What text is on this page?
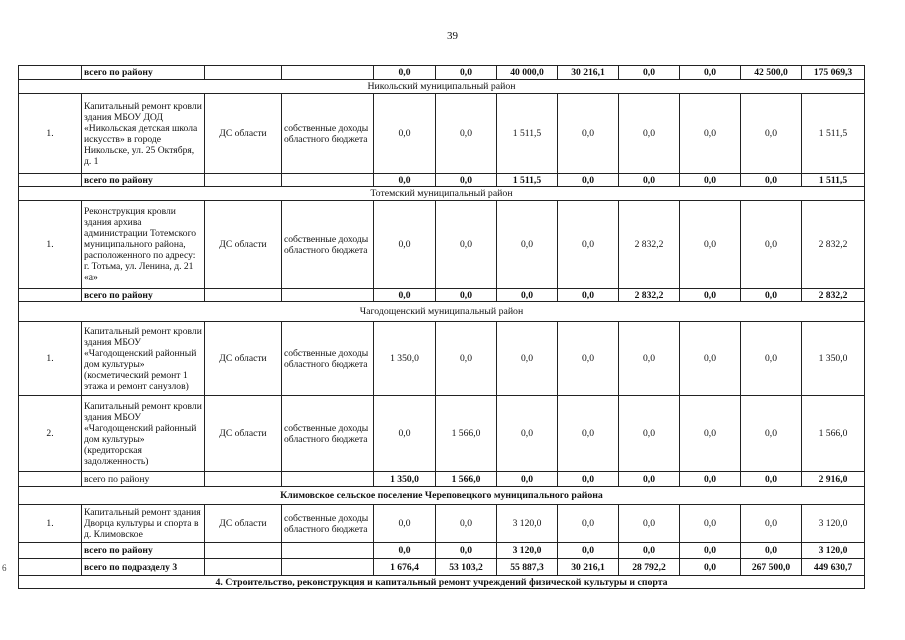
39
6
	всего по району			0,0	0,0	40 000,0	30 216,1	0,0	0,0	42 500,0	175 069,3
Никольский муниципальный район											
1.	Капитальный ремонт кровли здания МБОУ ДОД «Никольская детская школа искусств» в городе Никольске, ул. 25 Октября, д. 1	ДС области	собственные доходы областного бюджета	0,0	0,0	1 511,5	0,0	0,0	0,0	0,0	1 511,5
	всего по району			0,0	0,0	1 511,5	0,0	0,0	0,0	0,0	1 511,5
Тотемский муниципальный район											
1.	Реконструкция кровли здания архива администрации Тотемского муниципального района, расположенного по адресу: г. Тотьма, ул. Ленина, д. 21 «а»	ДС области	собственные доходы областного бюджета	0,0	0,0	0,0	0,0	2 832,2	0,0	0,0	2 832,2
	всего по району			0,0	0,0	0,0	0,0	2 832,2	0,0	0,0	2 832,2
Чагодощенский муниципальный район											
1.	Капитальный ремонт кровли здания МБОУ «Чагодощенский районный дом культуры» (косметический ремонт 1 этажа и ремонт санузлов)	ДС области	собственные доходы областного бюджета	1 350,0	0,0	0,0	0,0	0,0	0,0	0,0	1 350,0
2.	Капитальный ремонт кровли здания МБОУ «Чагодощенский районный дом культуры» (кредиторская задолженность)	ДС области	собственные доходы областного бюджета	0,0	1 566,0	0,0	0,0	0,0	0,0	0,0	1 566,0
	всего по району			1 350,0	1 566,0	0,0	0,0	0,0	0,0	0,0	2 916,0
Климовское сельское поселение Череповецкого муниципального района											
1.	Капитальный ремонт здания Дворца культуры и спорта в д. Климовское	ДС области	собственные доходы областного бюджета	0,0	0,0	3 120,0	0,0	0,0	0,0	0,0	3 120,0
	всего по району			0,0	0,0	3 120,0	0,0	0,0	0,0	0,0	3 120,0
	всего по подразделу 3			1 676,4	53 103,2	55 887,3	30 216,1	28 792,2	0,0	267 500,0	449 630,7
4. Строительство, реконструкция и капитальный ремонт учреждений физической культуры и спорта											
